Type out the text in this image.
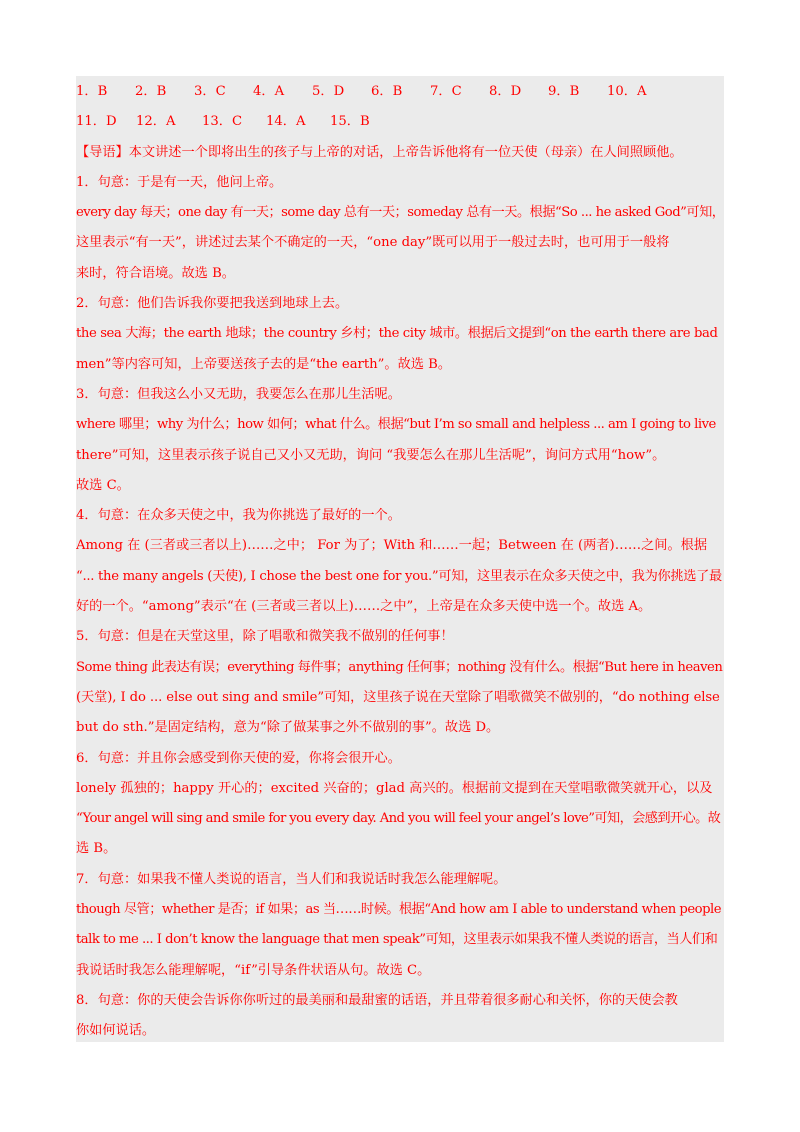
1．B	2．B	3．C	4．A	5．D	6．B	7．C	8．D	9．B	10．A
11．D	12．A	13．C	14．A	15．B
【导语】本文讲述一个即将出生的孩子与上帝的对话，上帝告诉他将有一位天使（母亲）在人间照顾他。
1．句意：于是有一天，他问上帝。
every day 每天；one day 有一天；some day 总有一天；someday 总有一天。根据“So ... he asked God”可知，
这里表示“有一天”，讲述过去某个不确定的一天，“one day”既可以用于一般过去时，也可用于一般将
来时，符合语境。故选 B。
2．句意：他们告诉我你要把我送到地球上去。
the sea 大海；the earth 地球；the country 乡村；the city 城市。根据后文提到“on the earth there are bad
men”等内容可知，上帝要送孩子去的是“the earth”。故选 B。
3．句意：但我这么小又无助，我要怎么在那儿生活呢。
where 哪里；why 为什么；how 如何；what 什么。根据“but I’m so small and helpless ... am I going to live
there”可知，这里表示孩子说自己又小又无助，询问 “我要怎么在那儿生活呢”，询问方式用“how”。
故选 C。
4．句意：在众多天使之中，我为你挑选了最好的一个。
Among 在 (三者或三者以上)……之中； For 为了；With 和……一起；Between 在 (两者)……之间。根据
“... the many angels (天使), I chose the best one for you.”可知，这里表示在众多天使之中，我为你挑选了最
好的一个。“among”表示“在 (三者或三者以上)……之中”，上帝是在众多天使中选一个。故选 A。
5．句意：但是在天堂这里，除了唱歌和微笑我不做别的任何事！
Some thing 此表达有误；everything 每件事；anything 任何事；nothing 没有什么。根据“But here in heaven
(天堂), I do ... else out sing and smile”可知，这里孩子说在天堂除了唱歌微笑不做别的，“do nothing else
but do sth.”是固定结构，意为“除了做某事之外不做别的事”。故选 D。
6．句意：并且你会感受到你天使的爱，你将会很开心。
lonely 孤独的；happy 开心的；excited 兴奋的；glad 高兴的。根据前文提到在天堂唱歌微笑就开心，以及
“Your angel will sing and smile for you every day. And you will feel your angel’s love”可知，会感到开心。故
选 B。
7．句意：如果我不懂人类说的语言，当人们和我说话时我怎么能理解呢。
though 尽管；whether 是否；if 如果；as 当……时候。根据“And how am I able to understand when people
talk to me ... I don’t know the language that men speak”可知，这里表示如果我不懂人类说的语言，当人们和
我说话时我怎么能理解呢，“if”引导条件状语从句。故选 C。
8．句意：你的天使会告诉你你听过的最美丽和最甜蜜的话语，并且带着很多耐心和关怀，你的天使会教
你如何说话。
